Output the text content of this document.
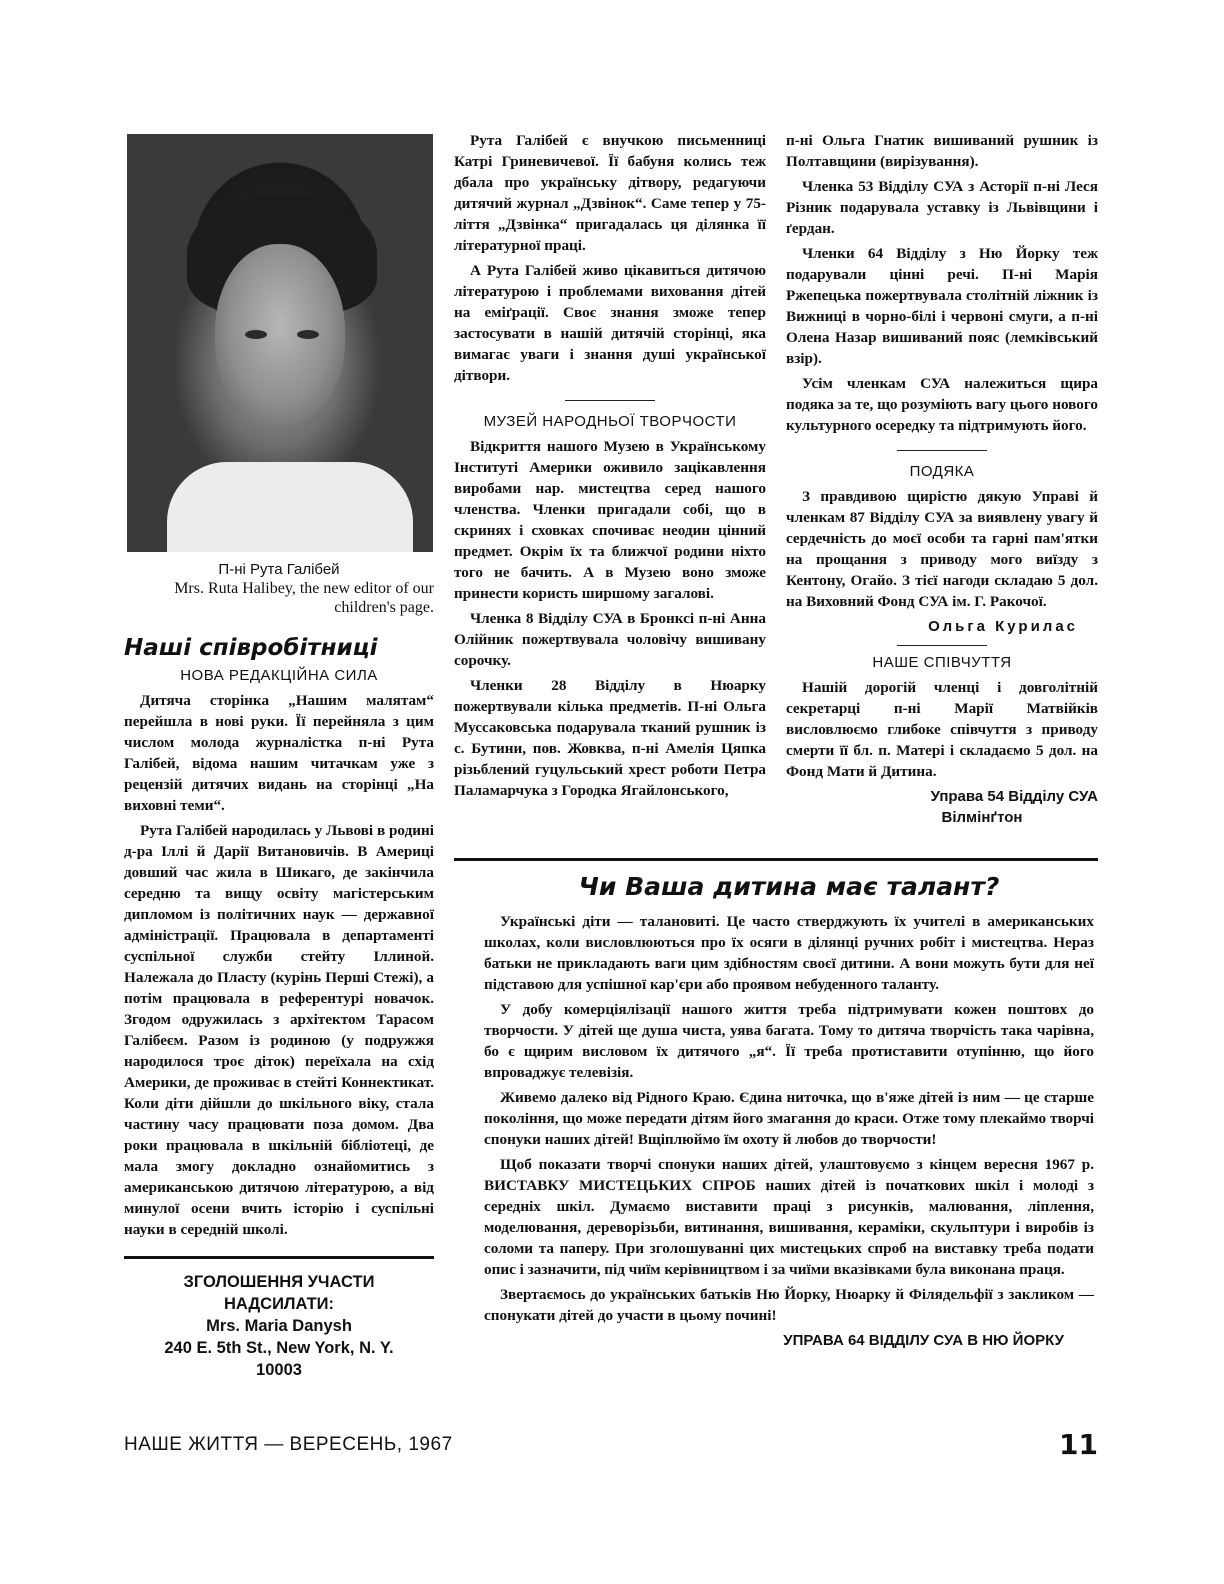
П-ні Рута Галібей
Mrs. Ruta Halibey, the new editor of our children's page.
Наші співробітниці
НОВА РЕДАКЦІЙНА СИЛА

Дитяча сторінка „Нашим малятам“ перейшла в нові руки. Її перейняла з цим числом молода журналістка п-ні Рута Галібей, відома нашим читачкам уже з рецензій дитячих видань на сторінці „На виховні теми“.

Рута Галібей народилась у Львові в родині д-ра Іллі й Дарії Витановичів. В Америці довший час жила в Шикаго, де закінчила середню та вищу освіту магістерським дипломом із політичних наук — державної адміністрації. Працювала в департаменті суспільної служби стейту Іллиной. Належала до Пласту (курінь Перші Стежі), а потім працювала в референтурі новачок. Згодом одружилась з архітектом Тарасом Галібеєм. Разом із родиною (у подружжя народилося троє діток) переїхала на схід Америки, де проживає в стейті Коннектикат. Коли діти дійшли до шкільного віку, стала частину часу працювати поза домом. Два роки працювала в шкільній бібліотеці, де мала змогу докладно ознайомитись з американською дитячою літературою, а від минулої осени вчить історію і суспільні науки в середній школі.

ЗГОЛОШЕННЯ УЧАСТИ
НАДСИЛАТИ:
Mrs. Maria Danysh
240 E. 5th St., New York, N. Y.
10003

Рута Галібей є внучкою письменниці Катрі Гриневичевої. Її бабуня колись теж дбала про українську дітвору, редагуючи дитячий журнал „Дзвінок“. Саме тепер у 75-ліття „Дзвінка“ пригадалась ця ділянка її літературної праці.

А Рута Галібей живо цікавиться дитячою літературою і проблемами виховання дітей на еміґрації. Своє знання зможе тепер застосувати в нашій дитячій сторінці, яка вимагає уваги і знання душі української дітвори.

МУЗЕЙ НАРОДНЬОЇ ТВОРЧОСТИ

Відкриття нашого Музею в Українському Інституті Америки оживило зацікавлення виробами нар. мистецтва серед нашого членства. Членки пригадали собі, що в скринях і сховках спочиває неодин цінний предмет. Окрім їх та ближчої родини ніхто того не бачить. А в Музею воно зможе принести користь ширшому загалові.

Членка 8 Відділу СУА в Бронксі п-ні Анна Олійник пожертвувала чоловічу вишивану сорочку.

Членки 28 Відділу в Нюарку пожертвували кілька предметів. П-ні Ольга Муссаковська подарувала тканий рушник із с. Бутини, пов. Жовква, п-ні Амелія Цяпка різьблений гуцульський хрест роботи Петра Паламарчука з Городка Ягайлонського,

п-ні Ольга Гнатик вишиваний рушник із Полтавщини (вирізування).

Членка 53 Відділу СУА з Асторії п-ні Леся Різник подарувала уставку із Львівщини і ґердан.

Членки 64 Відділу з Ню Йорку теж подарували цінні речі. П-ні Марія Ржепецька пожертвувала столітній ліжник із Вижниці в чорно-білі і червоні смуги, а п-ні Олена Назар вишиваний пояс (лемківський взір).

Усім членкам СУА належиться щира подяка за те, що розуміють вагу цього нового культурного осередку та підтримують його.

ПОДЯКА

З правдивою щирістю дякую Управі й членкам 87 Відділу СУА за виявлену увагу й сердечність до моєї особи та гарні пам'ятки на прощання з приводу мого виїзду з Кентону, Огайо. З тієї нагоди складаю 5 дол. на Виховний Фонд СУА ім. Г. Ракочої.

Ольга Курилас
НАШЕ СПІВЧУТТЯ

Нашій дорогій членці і довголітній секретарці п-ні Марії Матвійків висловлюємо глибоке співчуття з приводу смерти її бл. п. Матері і складаємо 5 дол. на Фонд Мати й Дитина.

Управа 54 Відділу СУА
Вілмінґтон
Чи Ваша дитина має талант?

Українські діти — талановиті. Це часто стверджують їх учителі в американських школах, коли висловлюються про їх осяги в ділянці ручних робіт і мистецтва. Нераз батьки не прикладають ваги цим здібностям своєї дитини. А вони можуть бути для неї підставою для успішної кар'єри або проявом небуденного таланту.

У добу комерціялізації нашого життя треба підтримувати кожен поштовх до творчости. У дітей ще душа чиста, уява багата. Тому то дитяча творчість така чарівна, бо є щирим висловом їх дитячого „я“. Її треба протиставити отупінню, що його впроваджує телевізія.

Живемо далеко від Рідного Краю. Єдина ниточка, що в'яже дітей із ним — це старше покоління, що може передати дітям його змагання до краси. Отже тому плекаймо творчі спонуки наших дітей! Вщіплюймо їм охоту й любов до творчости!

Щоб показати творчі спонуки наших дітей, улаштовуємо з кінцем вересня 1967 р. ВИСТАВКУ МИСТЕЦЬКИХ СПРОБ наших дітей із початкових шкіл і молоді з середніх шкіл. Думаємо виставити праці з рисунків, малювання, ліплення, моделювання, дереворізьби, витинання, вишивання, кераміки, скульптури і виробів із соломи та паперу. При зголошуванні цих мистецьких спроб на виставку треба подати опис і зазначити, під чиїм керівництвом і за чиїми вказівками була виконана праця.

Звертаємось до українських батьків Ню Йорку, Нюарку й Філядельфії з закликом — спонукати дітей до участи в цьому почині!

УПРАВА 64 ВІДДІЛУ СУА В НЮ ЙОРКУ
НАШЕ ЖИТТЯ — ВЕРЕСЕНЬ, 1967	11
